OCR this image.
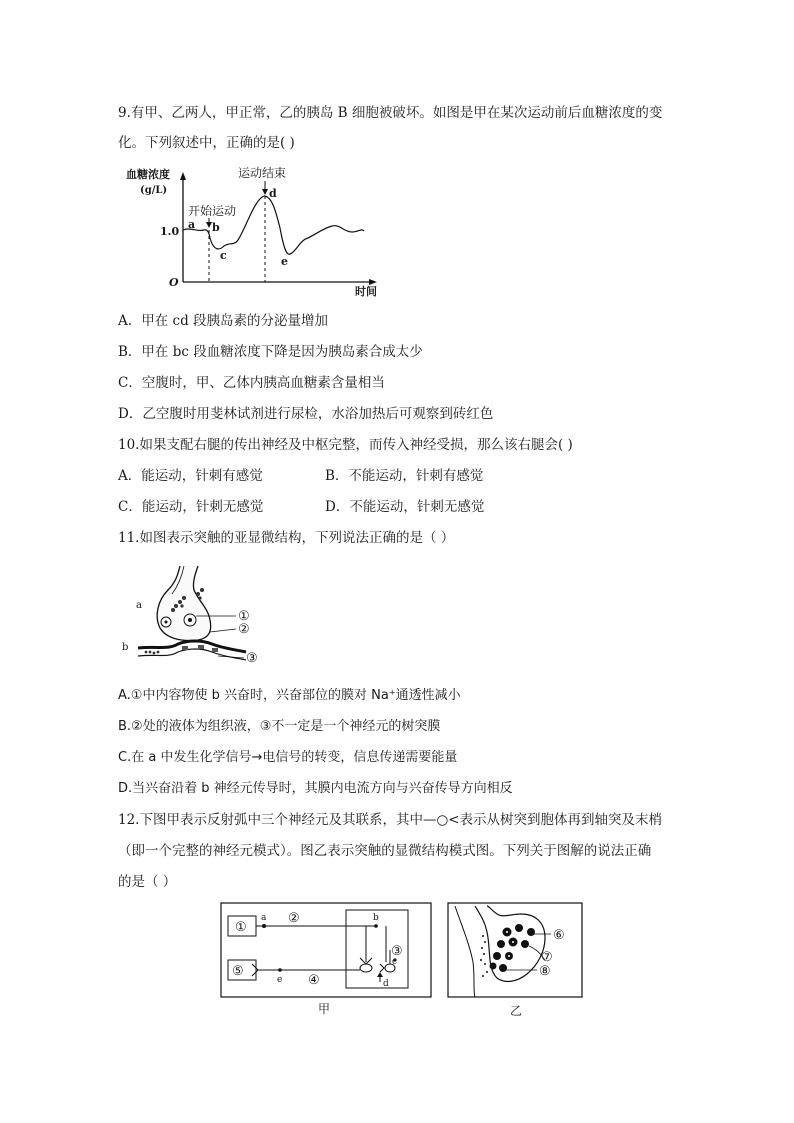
9.有甲、乙两人，甲正常，乙的胰岛 B 细胞被破坏。如图是甲在某次运动前后血糖浓度的变
化。下列叙述中，正确的是( )
血糖浓度
(g/L)
1.0
O
时间
开始运动
运动结束
a b
c
d
e
A．甲在 cd 段胰岛素的分泌量增加
B．甲在 bc 段血糖浓度下降是因为胰岛素合成太少
C．空腹时，甲、乙体内胰高血糖素含量相当
D．乙空腹时用斐林试剂进行尿检，水浴加热后可观察到砖红色
10.如果支配右腿的传出神经及中枢完整，而传入神经受损，那么该右腿会( )
A．能运动，针刺有感觉	B．不能运动，针刺有感觉
C．能运动，针刺无感觉	D．不能运动，针刺无感觉
11.如图表示突触的亚显微结构，下列说法正确的是（ ）
a
b
①
②
③
A.①中内容物使 b 兴奋时，兴奋部位的膜对 Na⁺通透性减小
B.②处的液体为组织液，③不一定是一个神经元的树突膜
C.在 a 中发生化学信号→电信号的转变，信息传递需要能量
D.当兴奋沿着 b 神经元传导时，其膜内电流方向与兴奋传导方向相反
12.下图甲表示反射弧中三个神经元及其联系，其中—○<表示从树突到胞体再到轴突及末梢
（即一个完整的神经元模式）。图乙表示突触的显微结构模式图。下列关于图解的说法正确
的是（ ）
①
⑤
a ②	b
c
③
d
e ④
甲
⑥
⑦
⑧
乙
